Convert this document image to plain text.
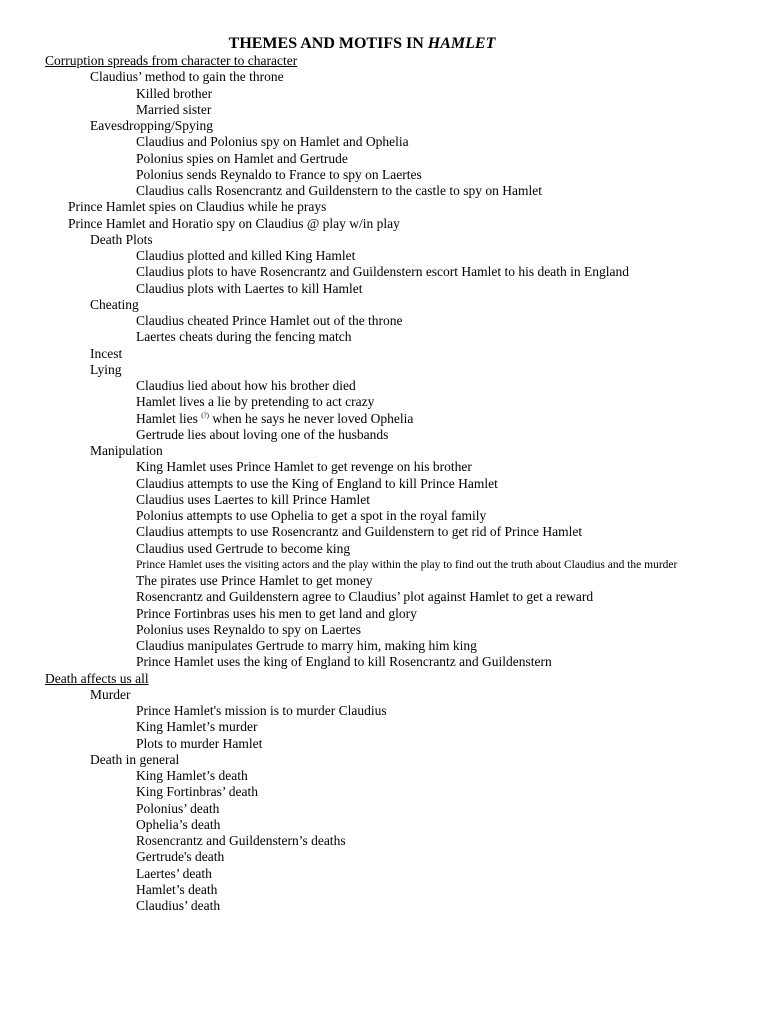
THEMES AND MOTIFS IN HAMLET
Corruption spreads from character to character
Claudius’ method to gain the throne
Killed brother
Married sister
Eavesdropping/Spying
Claudius and Polonius spy on Hamlet and Ophelia
Polonius spies on Hamlet and Gertrude
Polonius sends Reynaldo to France to spy on Laertes
Claudius calls Rosencrantz and Guildenstern to the castle to spy on Hamlet
Prince Hamlet spies on Claudius while he prays
Prince Hamlet and Horatio spy on Claudius @ play w/in play
Death Plots
Claudius plotted and killed King Hamlet
Claudius plots to have Rosencrantz and Guildenstern escort Hamlet to his death in England
Claudius plots with Laertes to kill Hamlet
Cheating
Claudius cheated Prince Hamlet out of the throne
Laertes cheats during the fencing match
Incest
Lying
Claudius lied about how his brother died
Hamlet lives a lie by pretending to act crazy
Hamlet lies (?) when he says he never loved Ophelia
Gertrude lies about loving one of the husbands
Manipulation
King Hamlet uses Prince Hamlet to get revenge on his brother
Claudius attempts to use the King of England to kill Prince Hamlet
Claudius uses Laertes to kill Prince Hamlet
Polonius attempts to use Ophelia to get a spot in the royal family
Claudius attempts to use Rosencrantz and Guildenstern to get rid of Prince Hamlet
Claudius used Gertrude to become king
Prince Hamlet uses the visiting actors and the play within the play to find out the truth about Claudius and the murder
The pirates use Prince Hamlet to get money
Rosencrantz and Guildenstern agree to Claudius’ plot against Hamlet to get a reward
Prince Fortinbras uses his men to get land and glory
Polonius uses Reynaldo to spy on Laertes
Claudius manipulates Gertrude to marry him, making him king
Prince Hamlet uses the king of England to kill Rosencrantz and Guildenstern
Death affects us all
Murder
Prince Hamlet's mission is to murder Claudius
King Hamlet’s murder
Plots to murder Hamlet
Death in general
King Hamlet’s death
King Fortinbras’ death
Polonius’ death
Ophelia’s death
Rosencrantz and Guildenstern’s deaths
Gertrude's death
Laertes’ death
Hamlet’s death
Claudius’ death
